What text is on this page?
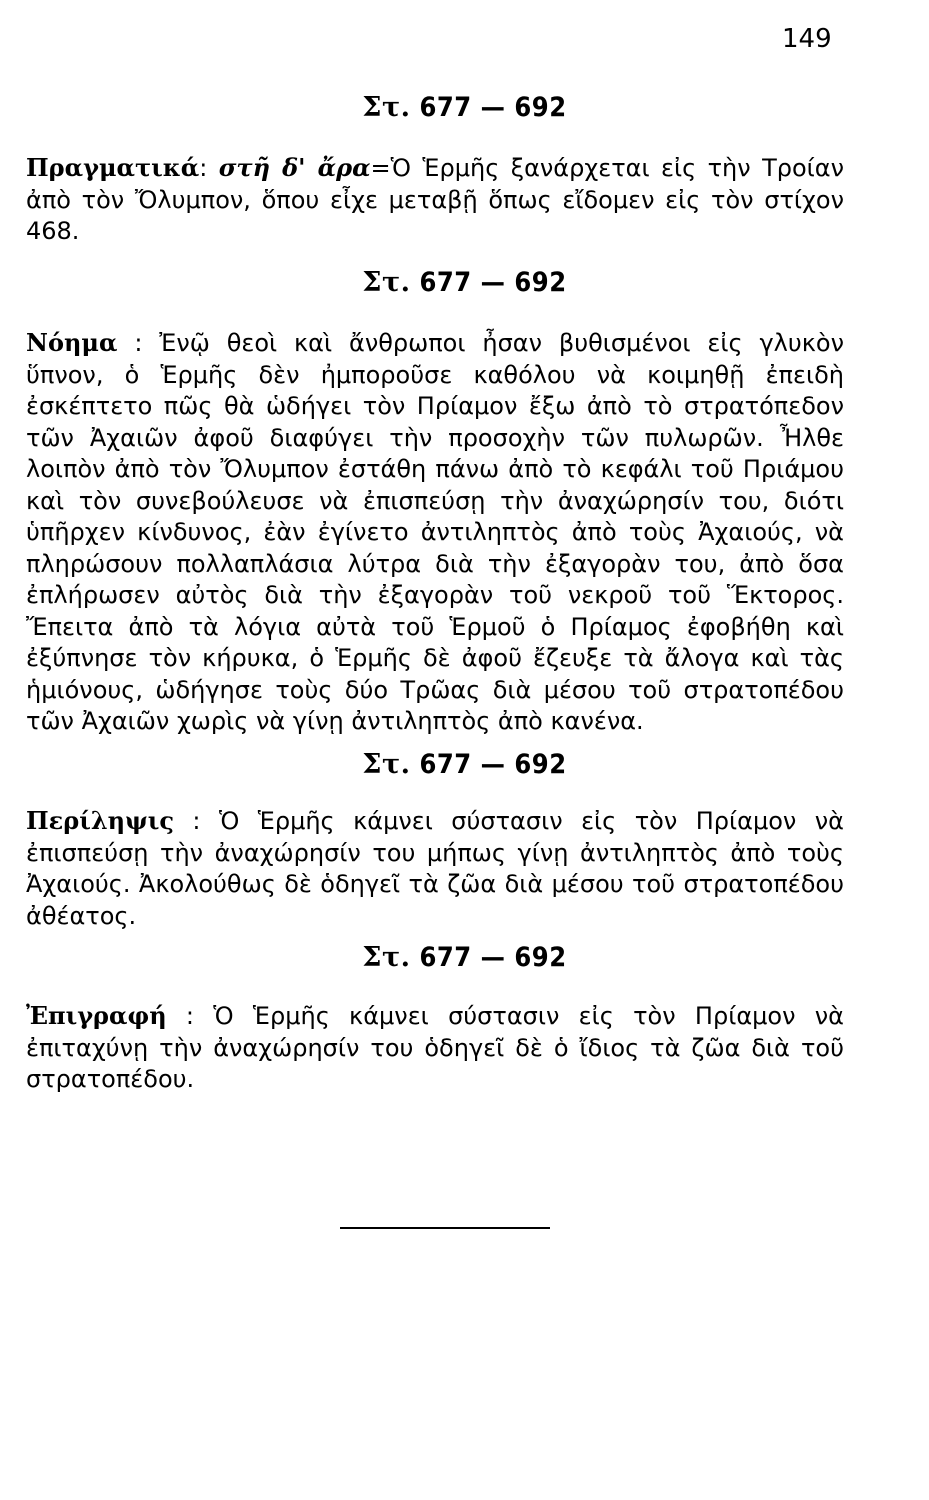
149
Στ. 677 — 692
Πραγματικά: στῆ δ' ἄρα=Ὁ Ἑρμῆς ξανάρχεται εἰς τὴν Τροίαν ἀπὸ τὸν Ὄλυμπον, ὅπου εἶχε μεταβῇ ὅπως εἴδομεν εἰς τὸν στίχον 468.
Στ. 677 — 692
Νόημα : Ἐνῷ θεοὶ καὶ ἄνθρωποι ἦσαν βυθισμένοι εἰς γλυκὸν ὕπνον, ὁ Ἑρμῆς δὲν ἠμποροῦσε καθόλου νὰ κοιμηθῇ ἐπειδὴ ἐσκέπτετο πῶς θὰ ὡδήγει τὸν Πρίαμον ἔξω ἀπὸ τὸ στρατόπεδον τῶν Ἀχαιῶν ἀφοῦ διαφύγει τὴν προσοχὴν τῶν πυλωρῶν. Ἦλθε λοιπὸν ἀπὸ τὸν Ὄλυμπον ἐστάθη πάνω ἀπὸ τὸ κεφάλι τοῦ Πριάμου καὶ τὸν συνεβούλευσε νὰ ἐπισπεύσῃ τὴν ἀναχώρησίν του, διότι ὑπῆρχεν κίνδυνος, ἐὰν ἐγίνετο ἀντιληπτὸς ἀπὸ τοὺς Ἀχαιούς, νὰ πληρώσουν πολλαπλάσια λύτρα διὰ τὴν ἐξαγορὰν του, ἀπὸ ὅσα ἐπλήρωσεν αὐτὸς διὰ τὴν ἐξαγορὰν τοῦ νεκροῦ τοῦ Ἕκτορος. Ἔπειτα ἀπὸ τὰ λόγια αὐτὰ τοῦ Ἑρμοῦ ὁ Πρίαμος ἐφοβήθη καὶ ἐξύπνησε τὸν κήρυκα, ὁ Ἑρμῆς δὲ ἀφοῦ ἔζευξε τὰ ἄλογα καὶ τὰς ἡμιόνους, ὡδήγησε τοὺς δύο Τρῶας διὰ μέσου τοῦ στρατοπέδου τῶν Ἀχαιῶν χωρὶς νὰ γίνῃ ἀντιληπτὸς ἀπὸ κανένα.
Στ. 677 — 692
Περίληψις : Ὁ Ἑρμῆς κάμνει σύστασιν εἰς τὸν Πρίαμον νὰ ἐπισπεύσῃ τὴν ἀναχώρησίν του μήπως γίνῃ ἀντιληπτὸς ἀπὸ τοὺς Ἀχαιούς. Ἀκολούθως δὲ ὁδηγεῖ τὰ ζῶα διὰ μέσου τοῦ στρατοπέδου ἀθέατος.
Στ. 677 — 692
Ἐπιγραφή : Ὁ Ἑρμῆς κάμνει σύστασιν εἰς τὸν Πρίαμον νὰ ἐπιταχύνῃ τὴν ἀναχώρησίν του ὁδηγεῖ δὲ ὁ ἴδιος τὰ ζῶα διὰ τοῦ στρατοπέδου.
